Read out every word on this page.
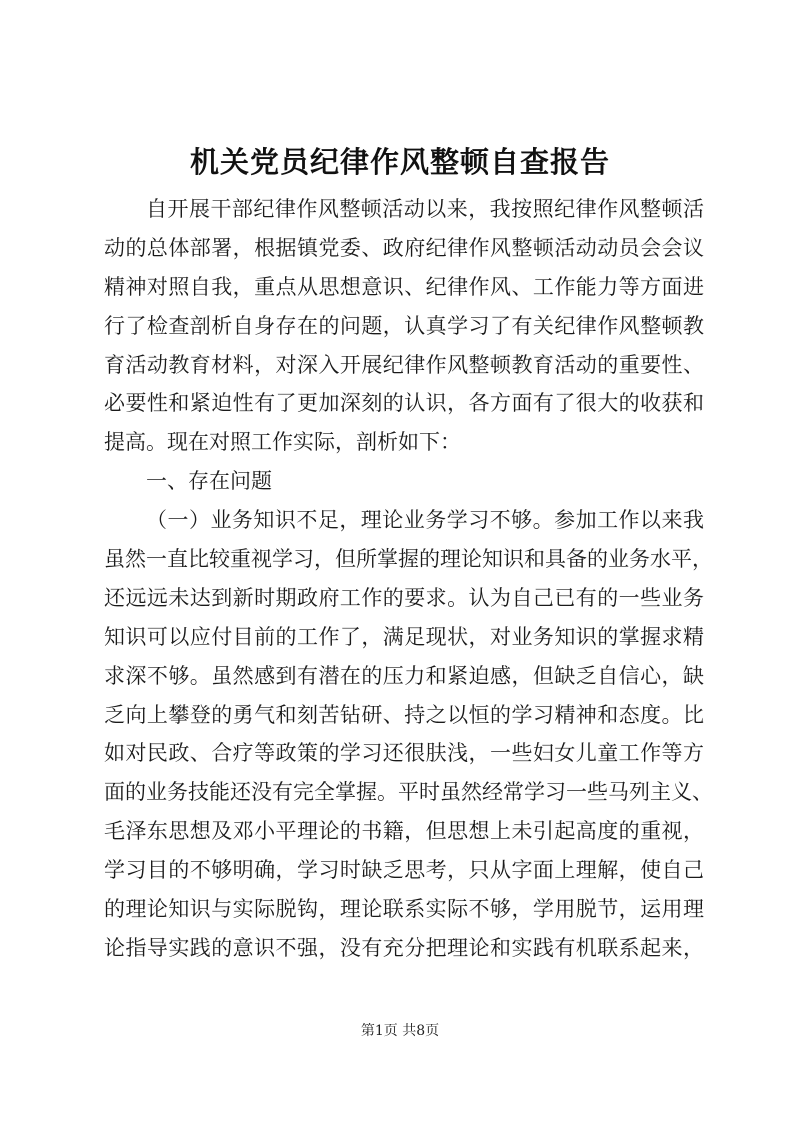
机关党员纪律作风整顿自查报告
自开展干部纪律作风整顿活动以来，我按照纪律作风整顿活
动的总体部署，根据镇党委、政府纪律作风整顿活动动员会会议
精神对照自我，重点从思想意识、纪律作风、工作能力等方面进
行了检查剖析自身存在的问题，认真学习了有关纪律作风整顿教
育活动教育材料，对深入开展纪律作风整顿教育活动的重要性、
必要性和紧迫性有了更加深刻的认识，各方面有了很大的收获和
提高。现在对照工作实际，剖析如下：
一、存在问题
（一）业务知识不足，理论业务学习不够。参加工作以来我
虽然一直比较重视学习，但所掌握的理论知识和具备的业务水平，
还远远未达到新时期政府工作的要求。认为自己已有的一些业务
知识可以应付目前的工作了，满足现状，对业务知识的掌握求精
求深不够。虽然感到有潜在的压力和紧迫感，但缺乏自信心，缺
乏向上攀登的勇气和刻苦钻研、持之以恒的学习精神和态度。比
如对民政、合疗等政策的学习还很肤浅，一些妇女儿童工作等方
面的业务技能还没有完全掌握。平时虽然经常学习一些马列主义、
毛泽东思想及邓小平理论的书籍，但思想上未引起高度的重视，
学习目的不够明确，学习时缺乏思考，只从字面上理解，使自己
的理论知识与实际脱钩，理论联系实际不够，学用脱节，运用理
论指导实践的意识不强，没有充分把理论和实践有机联系起来，
第1页 共8页
